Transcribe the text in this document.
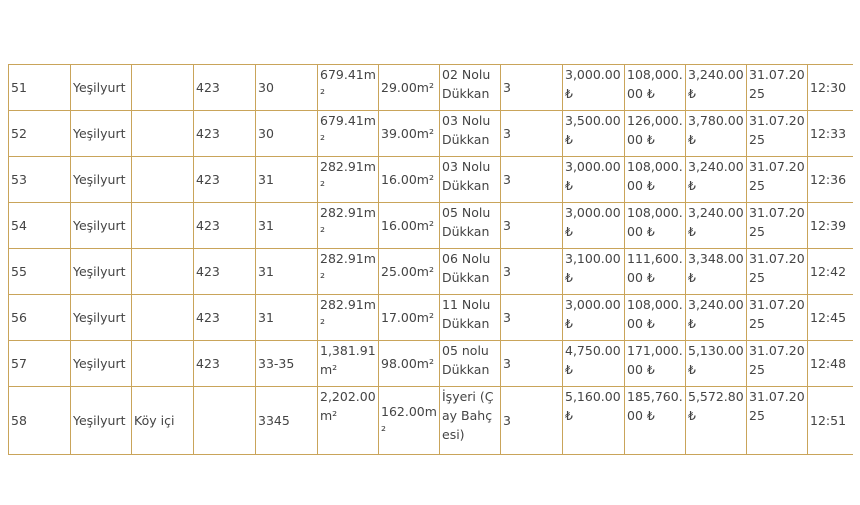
51	Yeşilyurt		423	30	679.41m²	29.00m²	02 Nolu Dükkan	3	3,000.00 ₺	108,000.00 ₺	3,240.00 ₺	31.07.2025	12:30
52	Yeşilyurt		423	30	679.41m²	39.00m²	03 Nolu Dükkan	3	3,500.00 ₺	126,000.00 ₺	3,780.00 ₺	31.07.2025	12:33
53	Yeşilyurt		423	31	282.91m²	16.00m²	03 Nolu Dükkan	3	3,000.00 ₺	108,000.00 ₺	3,240.00 ₺	31.07.2025	12:36
54	Yeşilyurt		423	31	282.91m²	16.00m²	05 Nolu Dükkan	3	3,000.00 ₺	108,000.00 ₺	3,240.00 ₺	31.07.2025	12:39
55	Yeşilyurt		423	31	282.91m²	25.00m²	06 Nolu Dükkan	3	3,100.00 ₺	111,600.00 ₺	3,348.00 ₺	31.07.2025	12:42
56	Yeşilyurt		423	31	282.91m²	17.00m²	11 Nolu Dükkan	3	3,000.00 ₺	108,000.00 ₺	3,240.00 ₺	31.07.2025	12:45
57	Yeşilyurt		423	33-35	1,381.91m²	98.00m²	05 nolu Dükkan	3	4,750.00 ₺	171,000.00 ₺	5,130.00 ₺	31.07.2025	12:48
58	Yeşilyurt	Köy içi		3345	2,202.00m²	162.00m²	İşyeri (Çay Bahçesi)	3	5,160.00 ₺	185,760.00 ₺	5,572.80 ₺	31.07.2025	12:51
